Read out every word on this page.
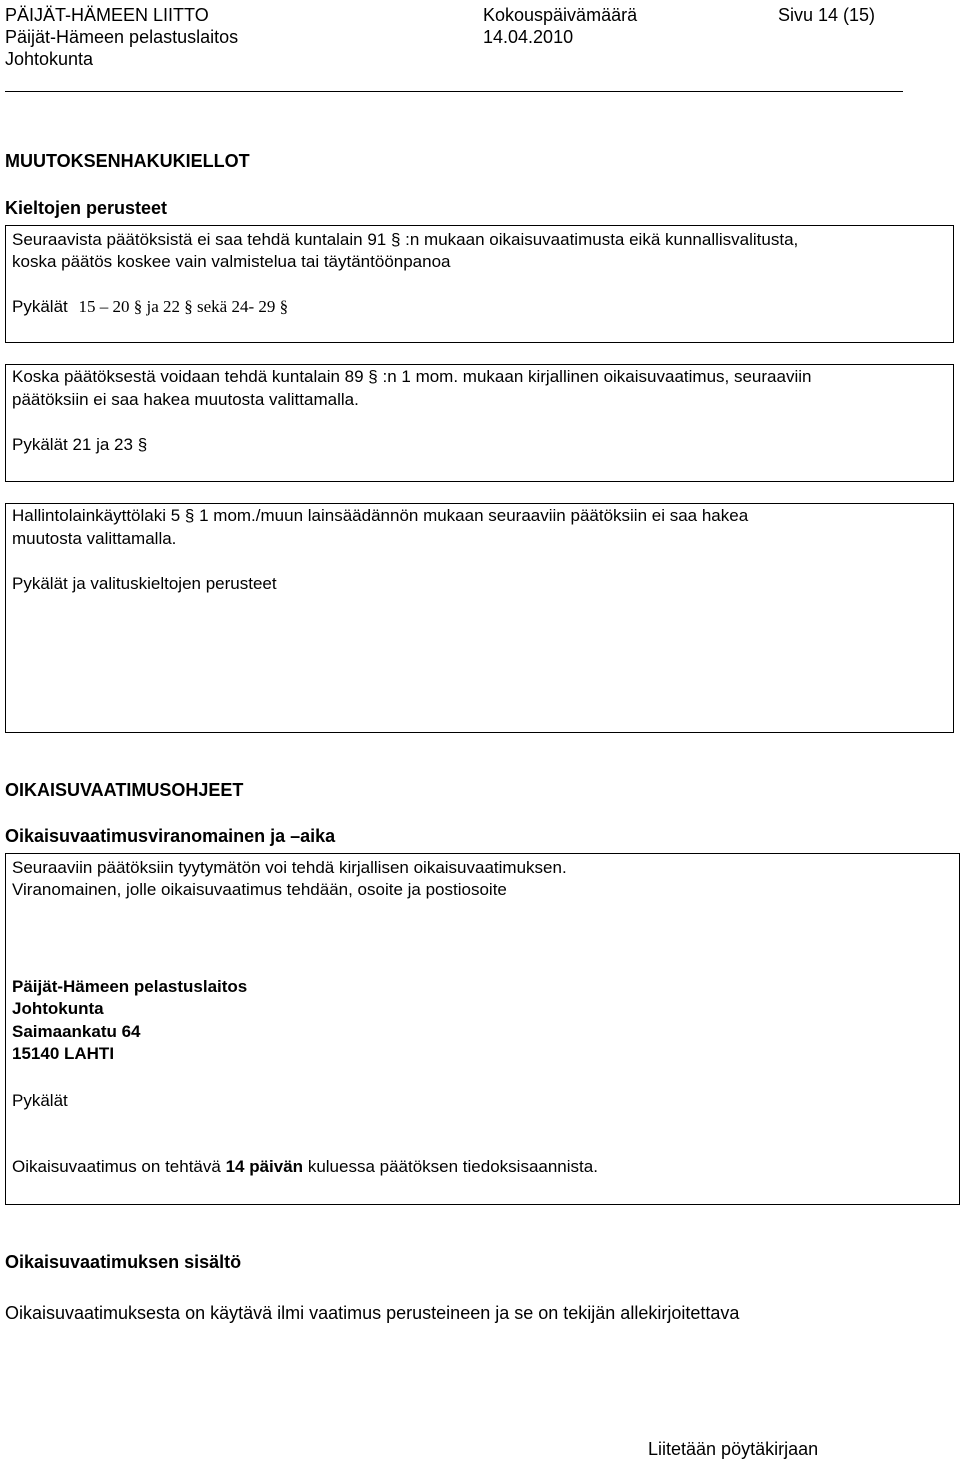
PÄIJÄT-HÄMEEN LIITTO
Päijät-Hämeen pelastuslaitos
Johtokunta
Kokouspäivämäärä
14.04.2010
Sivu 14 (15)
MUUTOKSENHAKUKIELLOT
Kieltojen perusteet
Seuraavista päätöksistä ei saa tehdä kuntalain 91 § :n mukaan oikaisuvaatimusta eikä kunnallisvalitusta,
koska päätös koskee vain valmistelua tai täytäntöönpanoa
Pykälät 15 – 20 § ja 22 § sekä 24- 29 §
Koska päätöksestä voidaan tehdä kuntalain 89 § :n 1 mom. mukaan kirjallinen oikaisuvaatimus, seuraaviin
päätöksiin ei saa hakea muutosta valittamalla.
Pykälät 21 ja 23 §
Hallintolainkäyttölaki 5 § 1 mom./muun lainsäädännön mukaan seuraaviin päätöksiin ei saa hakea
muutosta valittamalla.
Pykälät ja valituskieltojen perusteet
OIKAISUVAATIMUSOHJEET
Oikaisuvaatimusviranomainen ja –aika
Seuraaviin päätöksiin tyytymätön voi tehdä kirjallisen oikaisuvaatimuksen.
Viranomainen, jolle oikaisuvaatimus tehdään, osoite ja postiosoite
Päijät-Hämeen pelastuslaitos
Johtokunta
Saimaankatu 64
15140 LAHTI
Pykälät
Oikaisuvaatimus on tehtävä 14 päivän kuluessa päätöksen tiedoksisaannista.
Oikaisuvaatimuksen sisältö
Oikaisuvaatimuksesta on käytävä ilmi vaatimus perusteineen ja se on tekijän allekirjoitettava
Liitetään pöytäkirjaan
